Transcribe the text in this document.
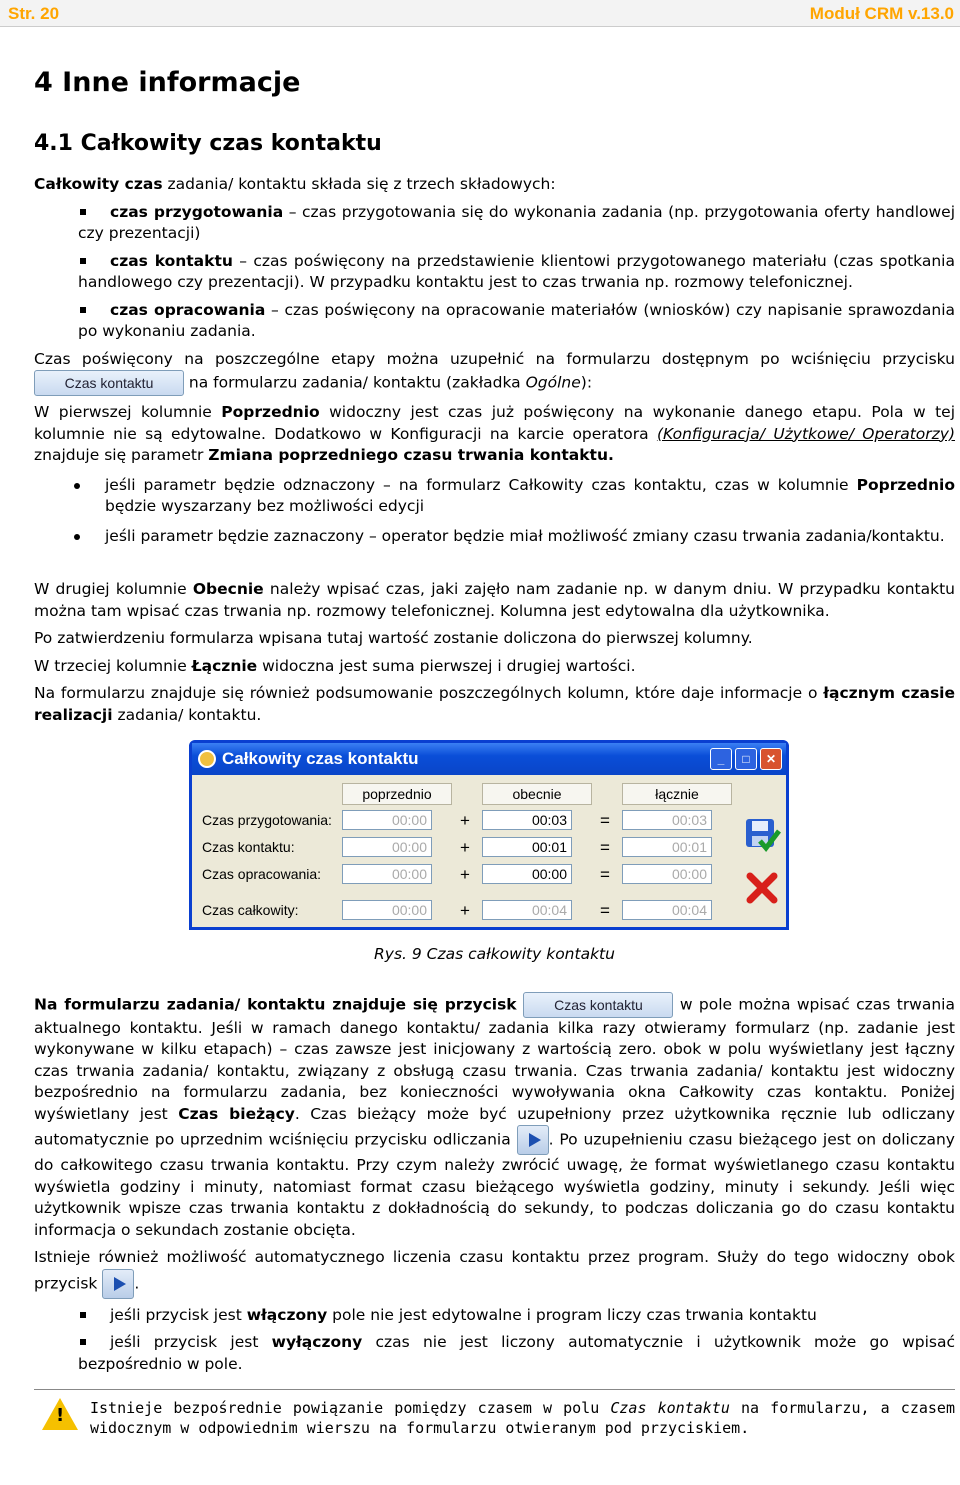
Str. 20	Moduł CRM v.13.0
4 Inne informacje
4.1 Całkowity czas kontaktu

Całkowity czas zadania/ kontaktu składa się z trzech składowych:

czas przygotowania – czas przygotowania się do wykonania zadania (np. przygotowania oferty handlowej czy prezentacji)
czas kontaktu – czas poświęcony na przedstawienie klientowi przygotowanego materiału (czas spotkania handlowego czy prezentacji). W przypadku kontaktu jest to czas trwania np. rozmowy telefonicznej.
czas opracowania – czas poświęcony na opracowanie materiałów (wniosków) czy napisanie sprawozdania po wykonaniu zadania.

Czas poświęcony na poszczególne etapy można uzupełnić na formularzu dostępnym po wciśnięciu przycisku Czas kontaktu na formularzu zadania/ kontaktu (zakładka Ogólne):

W pierwszej kolumnie Poprzednio widoczny jest czas już poświęcony na wykonanie danego etapu. Pola w tej kolumnie nie są edytowalne. Dodatkowo w Konfiguracji na karcie operatora (Konfiguracja/ Użytkowe/ Operatorzy) znajduje się parametr Zmiana poprzedniego czasu trwania kontaktu.

jeśli parametr będzie odznaczony – na formularz Całkowity czas kontaktu, czas w kolumnie Poprzednio będzie wyszarzany bez możliwości edycji
jeśli parametr będzie zaznaczony – operator będzie miał możliwość zmiany czasu trwania zadania/kontaktu.

W drugiej kolumnie Obecnie należy wpisać czas, jaki zajęło nam zadanie np. w danym dniu. W przypadku kontaktu można tam wpisać czas trwania np. rozmowy telefonicznej. Kolumna jest edytowalna dla użytkownika.

Po zatwierdzeniu formularza wpisana tutaj wartość zostanie doliczona do pierwszej kolumny.

W trzeciej kolumnie Łącznie widoczna jest suma pierwszej i drugiej wartości.

Na formularzu znajduje się również podsumowanie poszczególnych kolumn, które daje informacje o łącznym czasie realizacji zadania/ kontaktu.

Całkowity czas kontaktu	_	□	✕
poprzednio	obecnie	łącznie
Czas przygotowania:	00:00 +	00:03 =	00:03
Czas kontaktu:	00:00 +	00:01 =	00:01
Czas opracowania:	00:00 +	00:00 =	00:00
Czas całkowity:	00:00 +	00:04 =	00:04
Rys. 9 Czas całkowity kontaktu

Na formularzu zadania/ kontaktu znajduje się przycisk Czas kontaktu w pole można wpisać czas trwania aktualnego kontaktu. Jeśli w ramach danego kontaktu/ zadania kilka razy otwieramy formularz (np. zadanie jest wykonywane w kilku etapach) – czas zawsze jest inicjowany z wartością zero. obok w polu wyświetlany jest łączny czas trwania zadania/ kontaktu, związany z obsługą czasu trwania. Czas trwania zadania/ kontaktu jest widoczny bezpośrednio na formularzu zadania, bez konieczności wywoływania okna Całkowity czas kontaktu. Poniżej wyświetlany jest Czas bieżący. Czas bieżący może być uzupełniony przez użytkownika ręcznie lub odliczany automatycznie po uprzednim wciśnięciu przycisku odliczania . Po uzupełnieniu czasu bieżącego jest on doliczany do całkowitego czasu trwania kontaktu. Przy czym należy zwrócić uwagę, że format wyświetlanego czasu kontaktu wyświetla godziny i minuty, natomiast format czasu bieżącego wyświetla godziny, minuty i sekundy. Jeśli więc użytkownik wpisze czas trwania kontaktu z dokładnością do sekundy, to podczas doliczania go do czasu kontaktu informacja o sekundach zostanie obcięta.

Istnieje również możliwość automatycznego liczenia czasu kontaktu przez program. Służy do tego widoczny obok przycisk .

jeśli przycisk jest włączony pole nie jest edytowalne i program liczy czas trwania kontaktu
jeśli przycisk jest wyłączony czas nie jest liczony automatycznie i użytkownik może go wpisać bezpośrednio w pole.
! Istnieje bezpośrednie powiązanie pomiędzy czasem w polu Czas kontaktu na formularzu, a czasem widocznym w odpowiednim wierszu na formularzu otwieranym pod przyciskiem.
